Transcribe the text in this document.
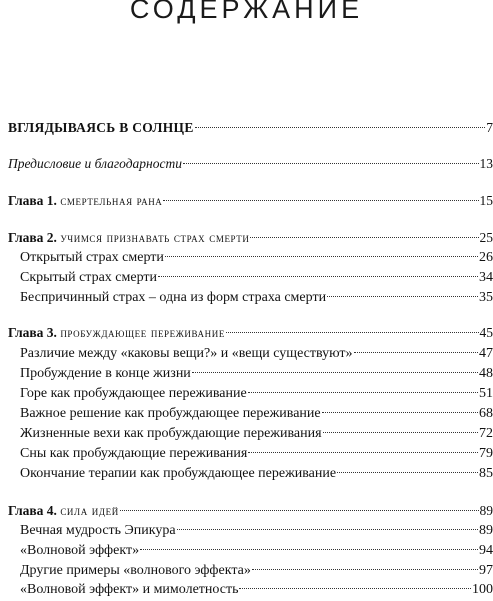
СОДЕРЖАНИЕ
ВГЛЯДЫВАЯСЬ В СОЛНЦЕ	7
Предисловие и благодарности	13
Глава 1. смертельная рана	15
Глава 2. учимся признавать страх смерти	25
Открытый страх смерти	26
Скрытый страх смерти	34
Беспричинный страх – одна из форм страха смерти	35
Глава 3. пробуждающее переживание	45
Различие между «каковы вещи?» и «вещи существуют»	47
Пробуждение в конце жизни	48
Горе как пробуждающее переживание	51
Важное решение как пробуждающее переживание	68
Жизненные вехи как пробуждающие переживания	72
Сны как пробуждающие переживания	79
Окончание терапии как пробуждающее переживание	85
Глава 4. сила идей	89
Вечная мудрость Эпикура	89
«Волновой эффект»	94
Другие примеры «волнового эффекта»	97
«Волновой эффект» и мимолетность	100
